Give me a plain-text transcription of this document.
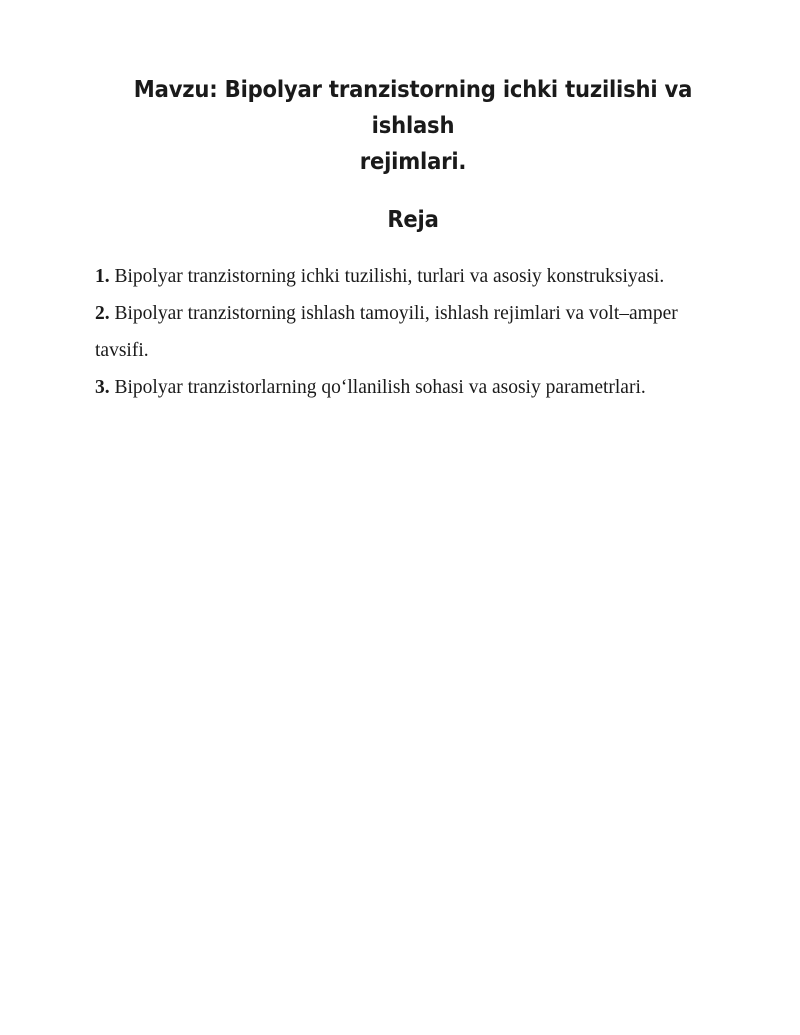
Mavzu: Bipolyar tranzistorning ichki tuzilishi va ishlash
rejimlari.
Reja
1. Bipolyar tranzistorning ichki tuzilishi, turlari va asosiy konstruksiyasi.
2. Bipolyar tranzistorning ishlash tamoyili, ishlash rejimlari va volt–amper tavsifi.
3. Bipolyar tranzistorlarning qo‘llanilish sohasi va asosiy parametrlari.
